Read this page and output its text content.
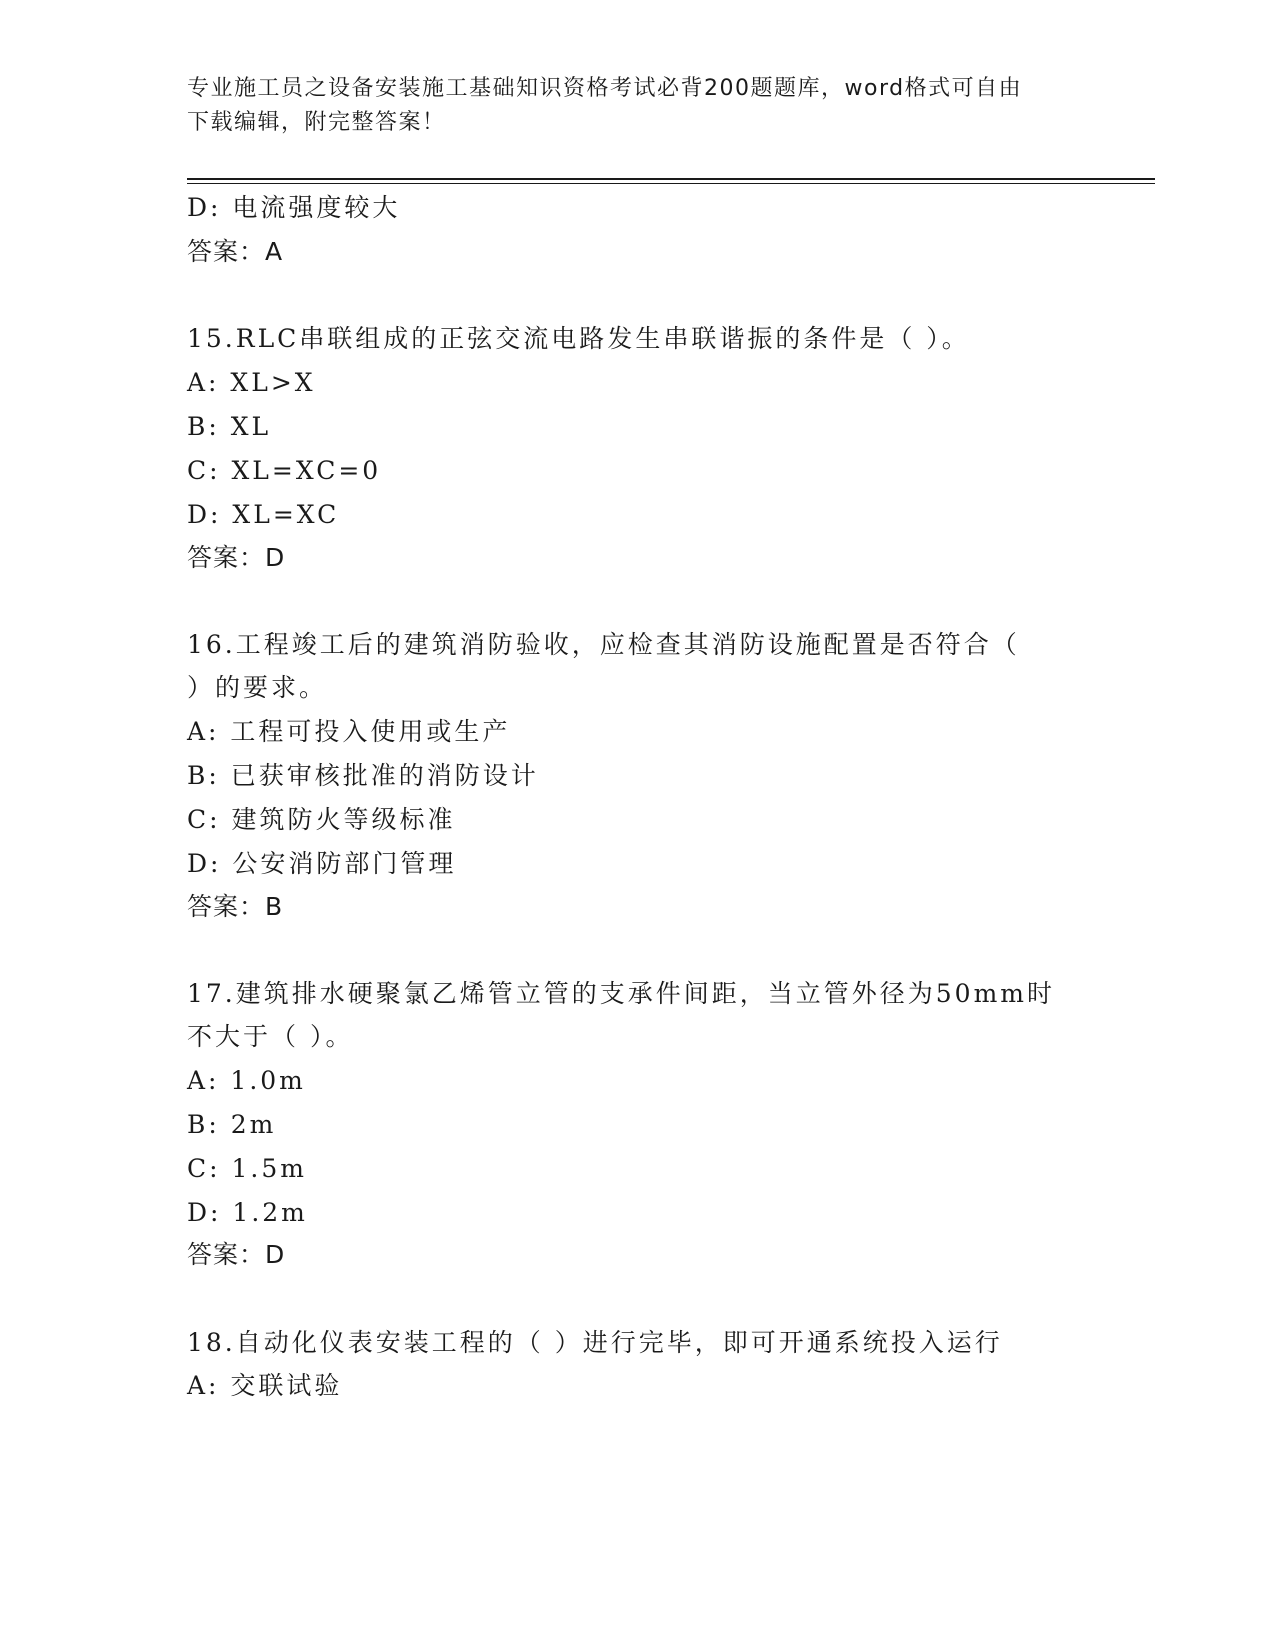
专业施工员之设备安装施工基础知识资格考试必背200题题库，word格式可自由
下载编辑，附完整答案！
D: 电流强度较大
答案：A
15.RLC串联组成的正弦交流电路发生串联谐振的条件是（ ）。
A: XL>X
B: XL
C: XL=XC=0
D: XL=XC
答案：D
16.工程竣工后的建筑消防验收，应检查其消防设施配置是否符合（
）的要求。
A: 工程可投入使用或生产
B: 已获审核批准的消防设计
C: 建筑防火等级标准
D: 公安消防部门管理
答案：B
17.建筑排水硬聚氯乙烯管立管的支承件间距，当立管外径为50mm时
不大于（ ）。
A: 1.0m
B: 2m
C: 1.5m
D: 1.2m
答案：D
18.自动化仪表安装工程的（ ）进行完毕，即可开通系统投入运行
A: 交联试验
